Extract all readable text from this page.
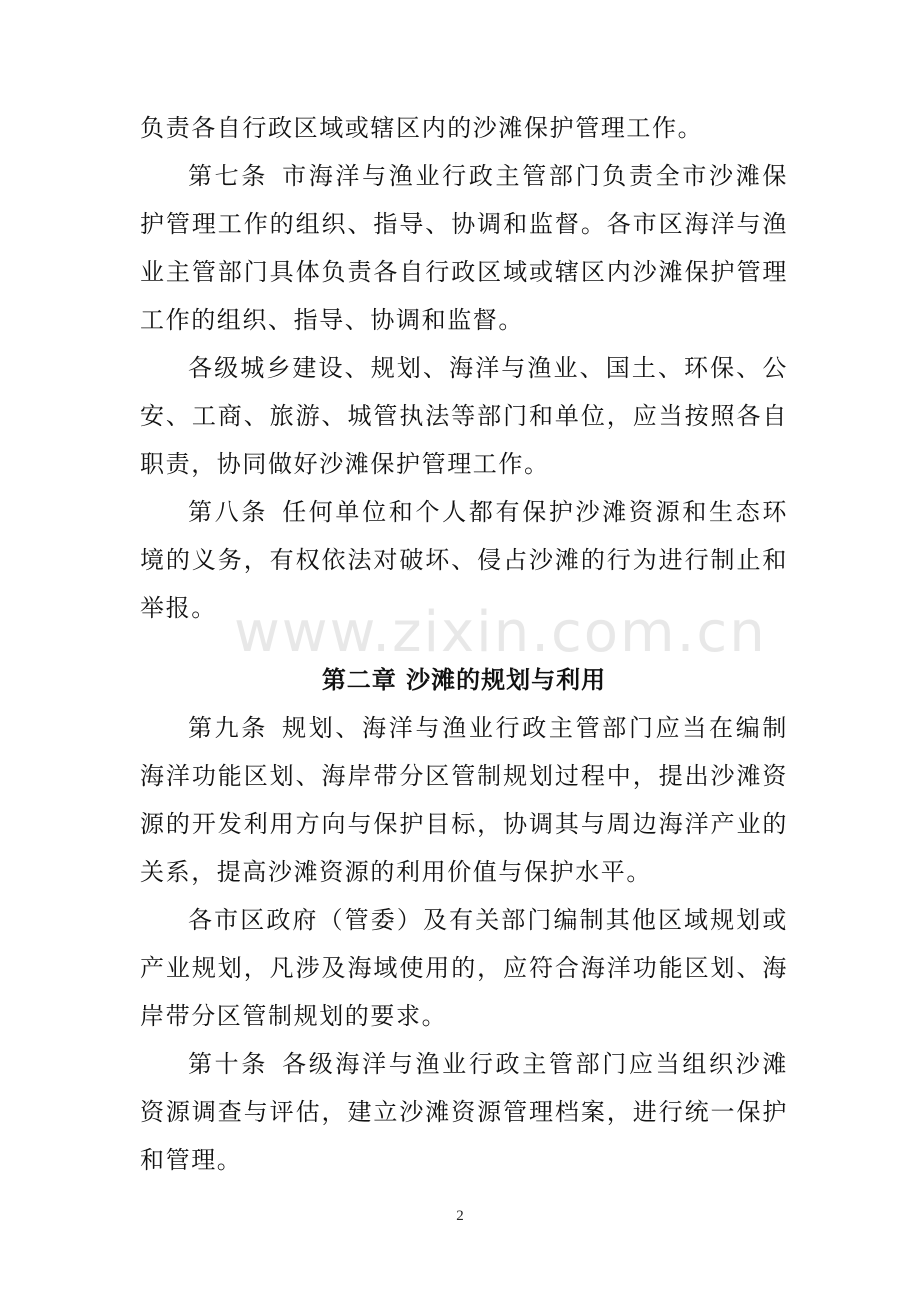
负责各自行政区域或辖区内的沙滩保护管理工作。

第七条 市海洋与渔业行政主管部门负责全市沙滩保护管理工作的组织、指导、协调和监督。各市区海洋与渔业主管部门具体负责各自行政区域或辖区内沙滩保护管理工作的组织、指导、协调和监督。

各级城乡建设、规划、海洋与渔业、国土、环保、公安、工商、旅游、城管执法等部门和单位，应当按照各自职责，协同做好沙滩保护管理工作。

第八条 任何单位和个人都有保护沙滩资源和生态环境的义务，有权依法对破坏、侵占沙滩的行为进行制止和举报。

第二章 沙滩的规划与利用

第九条 规划、海洋与渔业行政主管部门应当在编制海洋功能区划、海岸带分区管制规划过程中，提出沙滩资源的开发利用方向与保护目标，协调其与周边海洋产业的关系，提高沙滩资源的利用价值与保护水平。

各市区政府（管委）及有关部门编制其他区域规划或产业规划，凡涉及海域使用的，应符合海洋功能区划、海岸带分区管制规划的要求。

第十条 各级海洋与渔业行政主管部门应当组织沙滩资源调查与评估，建立沙滩资源管理档案，进行统一保护和管理。

www.zixin.com.cn
2
